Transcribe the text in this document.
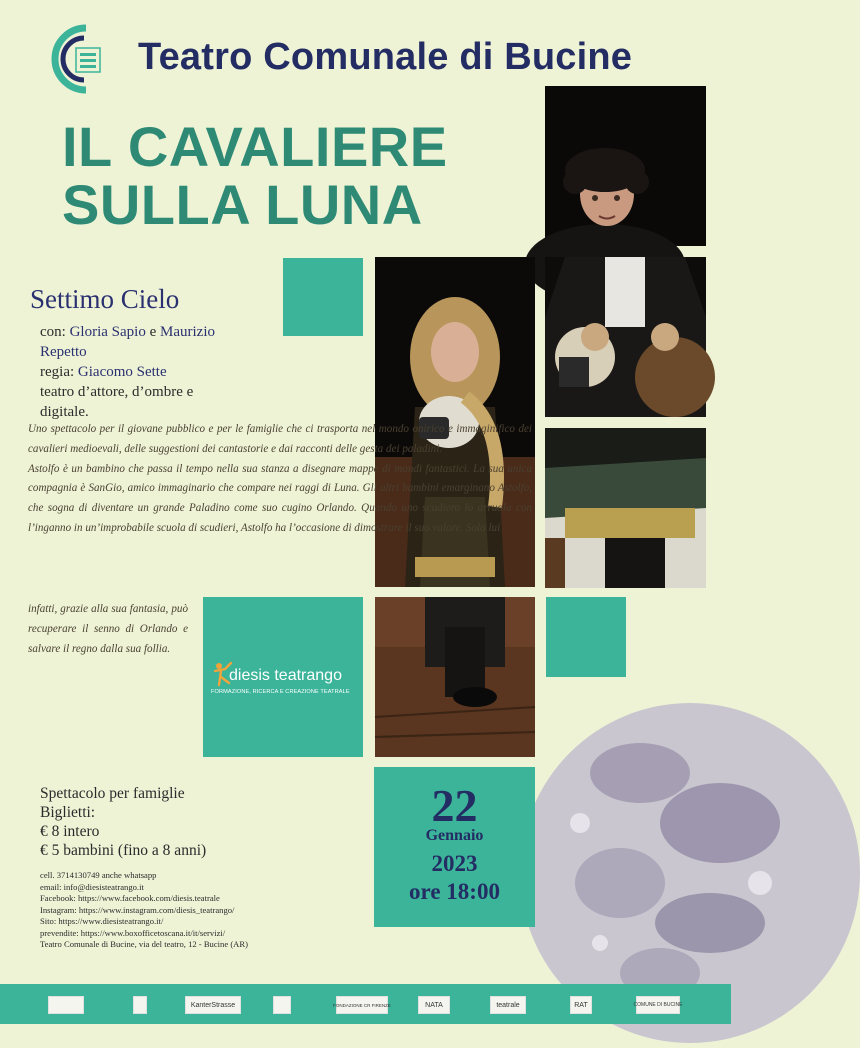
Teatro Comunale di Bucine
IL CAVALIERE
SULLA LUNA
Settimo Cielo
con: Gloria Sapio e Maurizio Repetto
regia: Giacomo Sette
teatro d’attore, d’ombre e
digitale.

Uno spettacolo per il giovane pubblico e per le famiglie che ci trasporta nel mondo onirico e immaginifico dei cavalieri medioevali, delle suggestioni dei cantastorie e dai racconti delle gesta dei paladini.

Astolfo è un bambino che passa il tempo nella sua stanza a disegnare mappe di mondi fantastici. La sua unica compagnia è SanGio, amico immaginario che compare nei raggi di Luna. Gli altri bambini emarginano Astolfo, che sogna di diventare un grande Paladino come suo cugino Orlando. Quando uno scudiero lo arruola con l’inganno in un’improbabile scuola di scudieri, Astolfo ha l’occasione di dimostrare il suo valore. Solo lui

infatti, grazie alla sua fantasia, può recuperare il senno di Orlando e salvare il regno dalla sua follia.
diesis teatrango
FORMAZIONE, RICERCA E CREAZIONE TEATRALE
Spettacolo per famiglie
Biglietti:
€ 8 intero
€ 5 bambini (fino a 8 anni)
cell. 3714130749 anche whatsapp
email: info@diesisteatrango.it
Facebook: https://www.facebook.com/diesis.teatrale
Instagram: https://www.instagram.com/diesis_teatrango/
Sito: https://www.diesisteatrango.it/
prevendite: https://www.boxofficetoscana.it/it/servizi/
Teatro Comunale di Bucine, via del teatro, 12 - Bucine (AR)
22
Gennaio
2023
ore 18:00
KanterStrasse	FONDAZIONE CR FIRENZE	NATA	teatrale	RAT	COMUNE DI BUCINE
